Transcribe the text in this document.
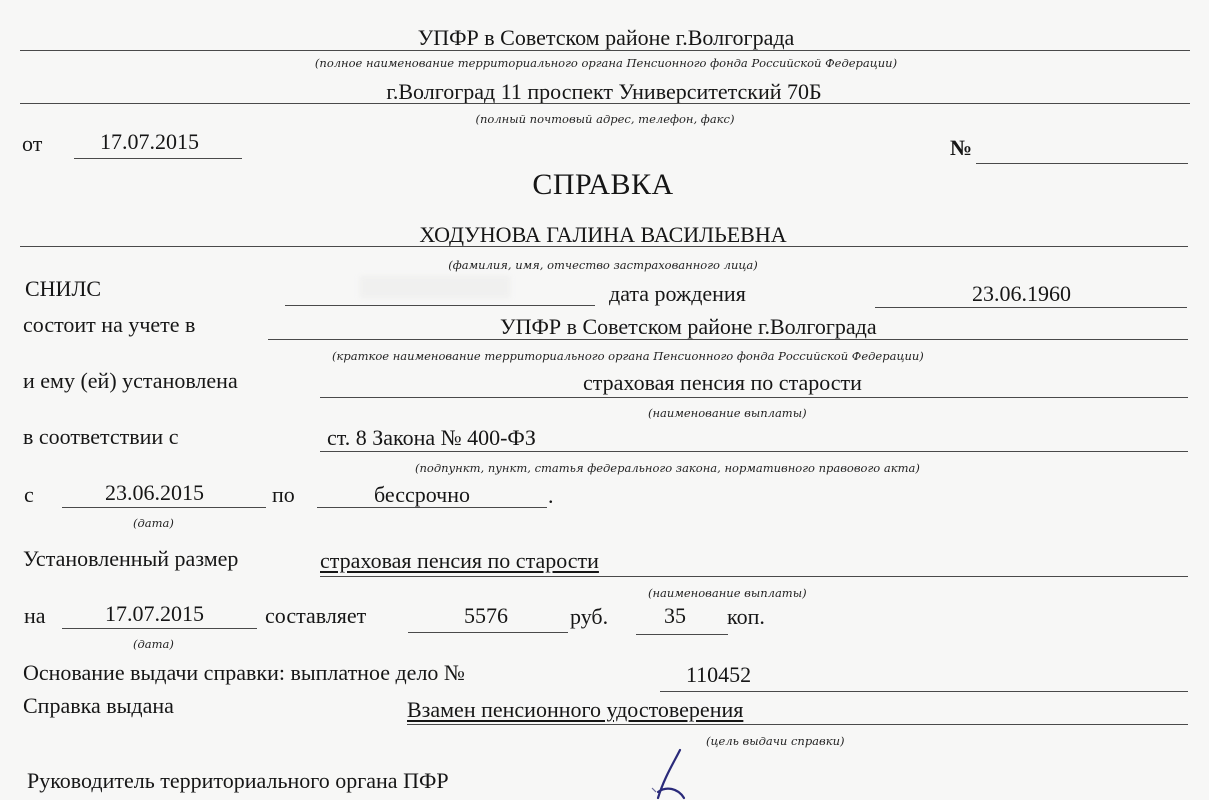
УПФР в Советском районе г.Волгограда
(полное наименование территориального органа Пенсионного фонда Российской Федерации)
г.Волгоград 11 проспект Университетский 70Б
(полный почтовый адрес, телефон, факс)
от	17.07.2015	№
СПРАВКА
ХОДУНОВА ГАЛИНА ВАСИЛЬЕВНА
(фамилия, имя, отчество застрахованного лица)
СНИЛС	дата рождения	23.06.1960
состоит на учете в	УПФР в Советском районе г.Волгограда
(краткое наименование территориального органа Пенсионного фонда Российской Федерации)
и ему (ей) установлена	страховая пенсия по старости
(наименование выплаты)
в соответствии с	ст. 8 Закона № 400-ФЗ
(подпункт, пункт, статья федерального закона, нормативного правового акта)
с	23.06.2015
(дата)
по	бессрочно	.
Установленный размер	страховая пенсия по старости
(наименование выплаты)
на	17.07.2015
(дата)
составляет	5576	руб.	35 коп.
Основание выдачи справки: выплатное дело №	110452
Справка выдана	Взамен пенсионного удостоверения
(цель выдачи справки)
Руководитель территориального органа ПФР
